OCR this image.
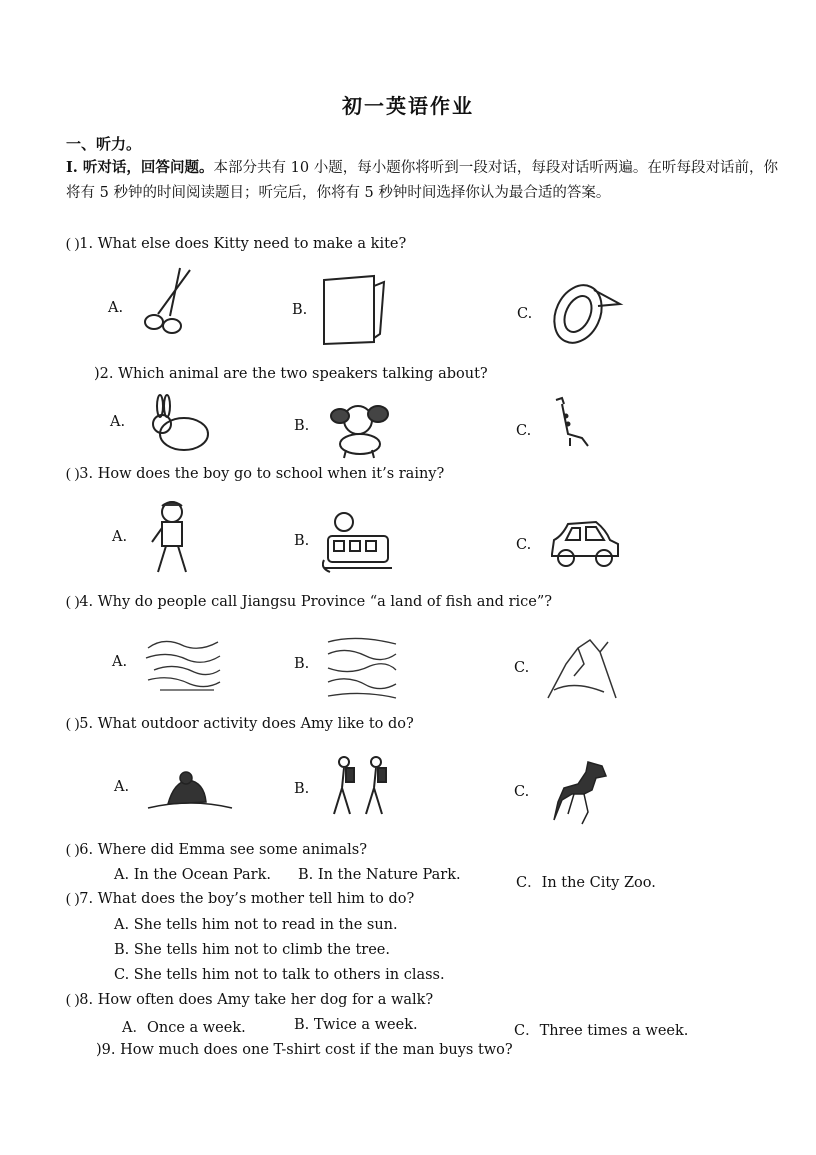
初一英语作业
一、听力。
I. 听对话，回答问题。本部分共有 10 小题，每小题你将听到一段对话，每段对话听两遍。在听每段对话前，你将有 5 秒钟的时间阅读题目；听完后，你将有 5 秒钟时间选择你认为最合适的答案。
( )1. What else does Kitty need to make a kite?
A.	B.	C.
)2. Which animal are the two speakers talking about?
A.	B.	C.
( )3. How does the boy go to school when it’s rainy?
A.	B.	C.
( )4. Why do people call Jiangsu Province “a land of fish and rice”?
A.	B.	C.
( )5. What outdoor activity does Amy like to do?
A.	B.	C.
( )6. Where did Emma see some animals?
A. In the Ocean Park. B. In the Nature Park.	C．In the City Zoo.
( )7. What does the boy’s mother tell him to do?
A. She tells him not to read in the sun.
B. She tells him not to climb the tree.
C. She tells him not to talk to others in class.
( )8. How often does Amy take her dog for a walk?
A．Once a week.	B. Twice a week.	C．Three times a week.
)9. How much does one T-shirt cost if the man buys two?
